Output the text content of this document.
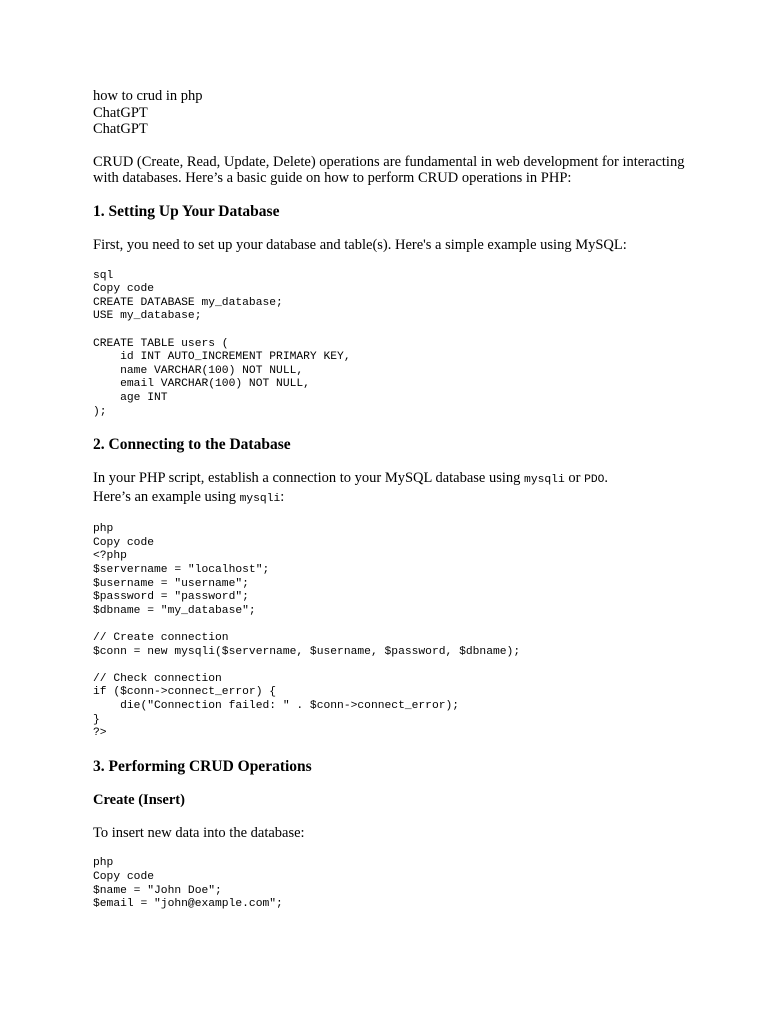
how to crud in php
ChatGPT
ChatGPT

CRUD (Create, Read, Update, Delete) operations are fundamental in web development for interacting with databases. Here’s a basic guide on how to perform CRUD operations in PHP:

1. Setting Up Your Database

First, you need to set up your database and table(s). Here's a simple example using MySQL:

sql
Copy code
CREATE DATABASE my_database;
USE my_database;

CREATE TABLE users (
id INT AUTO_INCREMENT PRIMARY KEY,
name VARCHAR(100) NOT NULL,
email VARCHAR(100) NOT NULL,
age INT
);
2. Connecting to the Database

In your PHP script, establish a connection to your MySQL database using mysqli or PDO.
Here’s an example using mysqli:

php
Copy code
<?php
$servername = "localhost";
$username = "username";
$password = "password";
$dbname = "my_database";

// Create connection
$conn = new mysqli($servername, $username, $password, $dbname);

// Check connection
if ($conn->connect_error) {
die("Connection failed: " . $conn->connect_error);
}
?>
3. Performing CRUD Operations
Create (Insert)

To insert new data into the database:

php
Copy code
$name = "John Doe";
$email = "john@example.com";
